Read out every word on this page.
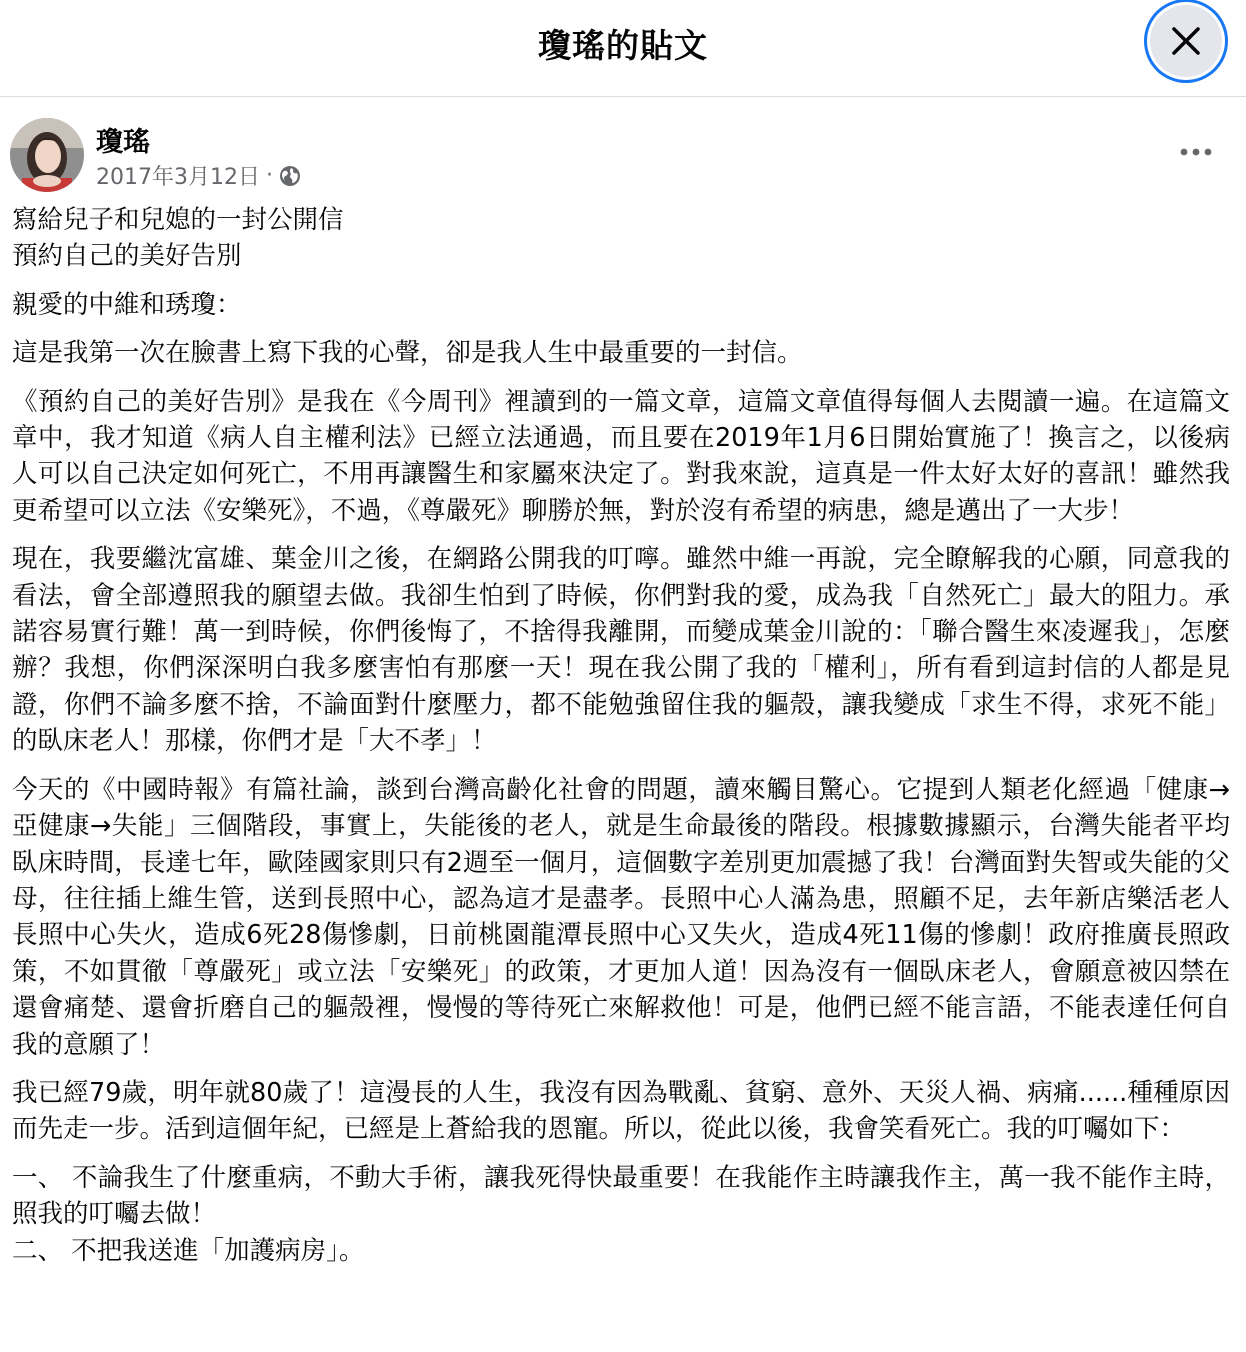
瓊瑤的貼文
瓊瑤
2017年3月12日 ·

寫給兒子和兒媳的一封公開信
預約自己的美好告別

親愛的中維和琇瓊：

這是我第一次在臉書上寫下我的心聲，卻是我人生中最重要的一封信。

《預約自己的美好告別》是我在《今周刊》裡讀到的一篇文章，這篇文章值得每個人去閱讀一遍。在這篇文章中，我才知道《病人自主權利法》已經立法通過，而且要在2019年1月6日開始實施了！換言之，以後病人可以自己決定如何死亡，不用再讓醫生和家屬來決定了。對我來說，這真是一件太好太好的喜訊！雖然我更希望可以立法《安樂死》，不過，《尊嚴死》聊勝於無，對於沒有希望的病患，總是邁出了一大步！

現在，我要繼沈富雄、葉金川之後，在網路公開我的叮嚀。雖然中維一再說，完全瞭解我的心願，同意我的看法，會全部遵照我的願望去做。我卻生怕到了時候，你們對我的愛，成為我「自然死亡」最大的阻力。承諾容易實行難！萬一到時候，你們後悔了，不捨得我離開，而變成葉金川說的：「聯合醫生來凌遲我」，怎麼辦？我想，你們深深明白我多麼害怕有那麼一天！現在我公開了我的「權利」，所有看到這封信的人都是見證，你們不論多麼不捨，不論面對什麼壓力，都不能勉強留住我的軀殼，讓我變成「求生不得，求死不能」的臥床老人！那樣，你們才是「大不孝」！

今天的《中國時報》有篇社論，談到台灣高齡化社會的問題，讀來觸目驚心。它提到人類老化經過「健康→亞健康→失能」三個階段，事實上，失能後的老人，就是生命最後的階段。根據數據顯示，台灣失能者平均臥床時間，長達七年，歐陸國家則只有2週至一個月，這個數字差別更加震撼了我！台灣面對失智或失能的父母，往往插上維生管，送到長照中心，認為這才是盡孝。長照中心人滿為患，照顧不足，去年新店樂活老人長照中心失火，造成6死28傷慘劇，日前桃園龍潭長照中心又失火，造成4死11傷的慘劇！政府推廣長照政策，不如貫徹「尊嚴死」或立法「安樂死」的政策，才更加人道！因為沒有一個臥床老人，會願意被囚禁在還會痛楚、還會折磨自己的軀殼裡，慢慢的等待死亡來解救他！可是，他們已經不能言語，不能表達任何自我的意願了！

我已經79歲，明年就80歲了！這漫長的人生，我沒有因為戰亂、貧窮、意外、天災人禍、病痛......種種原因而先走一步。活到這個年紀，已經是上蒼給我的恩寵。所以，從此以後，我會笑看死亡。我的叮囑如下：

一、 不論我生了什麼重病，不動大手術，讓我死得快最重要！在我能作主時讓我作主，萬一我不能作主時，照我的叮囑去做！
二、 不把我送進「加護病房」。
